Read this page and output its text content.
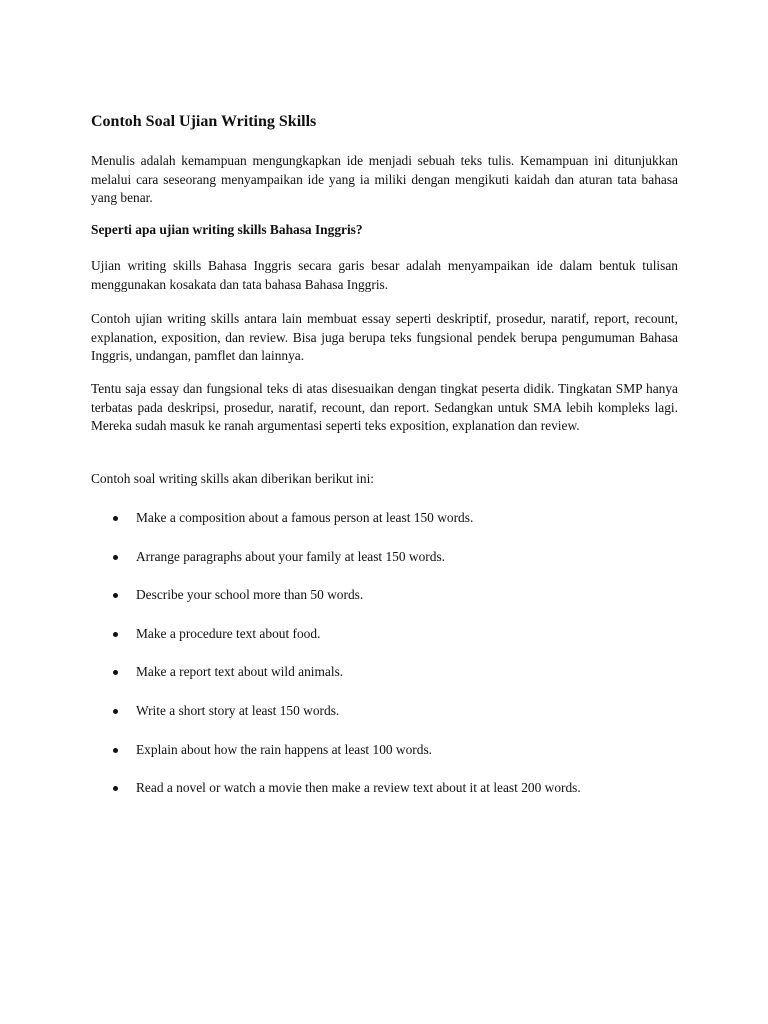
Contoh Soal Ujian Writing Skills

Menulis adalah kemampuan mengungkapkan ide menjadi sebuah teks tulis. Kemampuan ini ditunjukkan melalui cara seseorang menyampaikan ide yang ia miliki dengan mengikuti kaidah dan aturan tata bahasa yang benar.

Seperti apa ujian writing skills Bahasa Inggris?

Ujian writing skills Bahasa Inggris secara garis besar adalah menyampaikan ide dalam bentuk tulisan menggunakan kosakata dan tata bahasa Bahasa Inggris.

Contoh ujian writing skills antara lain membuat essay seperti deskriptif, prosedur, naratif, report, recount, explanation, exposition, dan review. Bisa juga berupa teks fungsional pendek berupa pengumuman Bahasa Inggris, undangan, pamflet dan lainnya.

Tentu saja essay dan fungsional teks di atas disesuaikan dengan tingkat peserta didik. Tingkatan SMP hanya terbatas pada deskripsi, prosedur, naratif, recount, dan report. Sedangkan untuk SMA lebih kompleks lagi. Mereka sudah masuk ke ranah argumentasi seperti teks exposition, explanation dan review.

Contoh soal writing skills akan diberikan berikut ini:

Make a composition about a famous person at least 150 words.
Arrange paragraphs about your family at least 150 words.
Describe your school more than 50 words.
Make a procedure text about food.
Make a report text about wild animals.
Write a short story at least 150 words.
Explain about how the rain happens at least 100 words.
Read a novel or watch a movie then make a review text about it at least 200 words.
